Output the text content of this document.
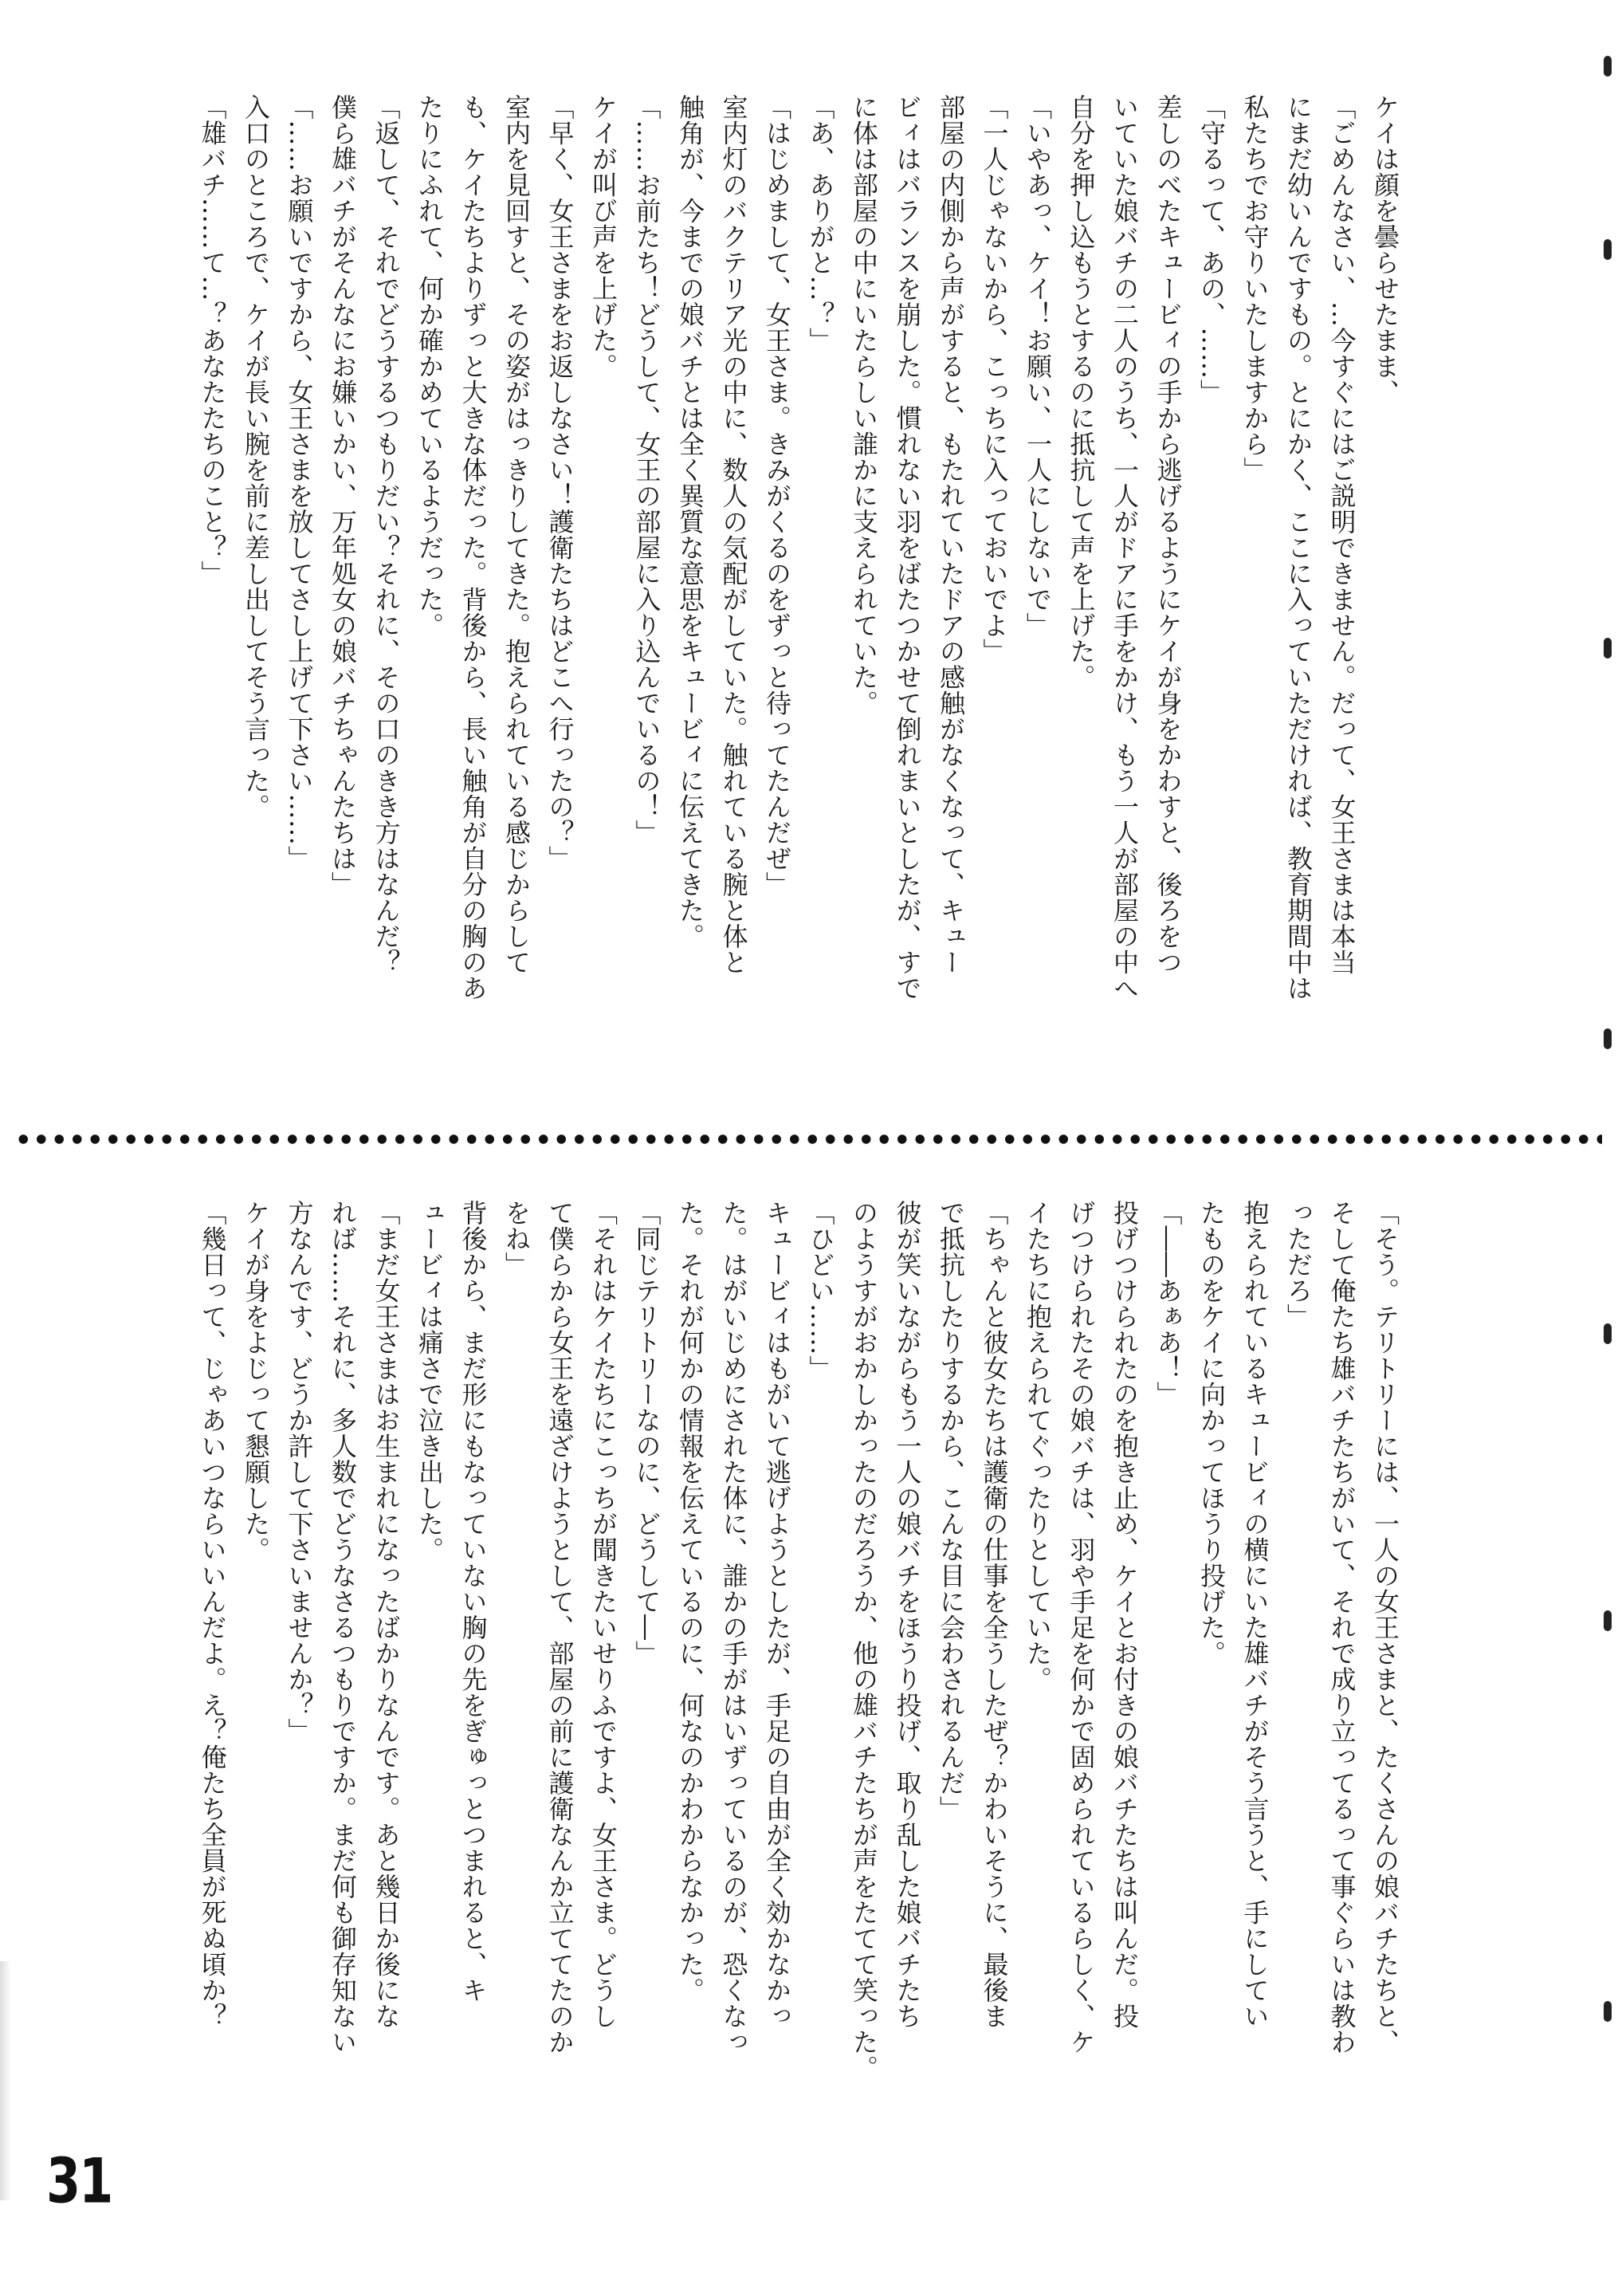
ケイは顔を曇らせたまま、

「ごめんなさい、…今すぐにはご説明できません。だって、女王さまは本当

にまだ幼いんですもの。とにかく、ここに入っていただければ、教育期間中は

私たちでお守りいたしますから」

「守るって、あの、……」

差しのべたキュービィの手から逃げるようにケイが身をかわすと、後ろをつ

いていた娘バチの二人のうち、一人がドアに手をかけ、もう一人が部屋の中へ

自分を押し込もうとするのに抵抗して声を上げた。

「いやあっ、ケイ！お願い、一人にしないで」

「一人じゃないから、こっちに入っておいでよ」

部屋の内側から声がすると、もたれていたドアの感触がなくなって、キュー

ビィはバランスを崩した。慣れない羽をばたつかせて倒れまいとしたが、すで

に体は部屋の中にいたらしい誰かに支えられていた。

「あ、ありがと…？」

「はじめまして、女王さま。きみがくるのをずっと待ってたんだぜ」

室内灯のバクテリア光の中に、数人の気配がしていた。触れている腕と体と

触角が、今までの娘バチとは全く異質な意思をキュービィに伝えてきた。

「……お前たち！どうして、女王の部屋に入り込んでいるの！」

ケイが叫び声を上げた。

「早く、女王さまをお返しなさい！護衛たちはどこへ行ったの？」

室内を見回すと、その姿がはっきりしてきた。抱えられている感じからして

も、ケイたちよりずっと大きな体だった。背後から、長い触角が自分の胸のあ

たりにふれて、何か確かめているようだった。

「返して、それでどうするつもりだい？それに、その口のきき方はなんだ？

僕ら雄バチがそんなにお嫌いかい、万年処女の娘バチちゃんたちは」

「……お願いですから、女王さまを放してさし上げて下さい……」

入口のところで、ケイが長い腕を前に差し出してそう言った。

「雄バチ……て…？あなたたちのこと？」

「そう。テリトリーには、一人の女王さまと、たくさんの娘バチたちと、

そして俺たち雄バチたちがいて、それで成り立ってるって事ぐらいは教わ

っただろ」

抱えられているキュービィの横にいた雄バチがそう言うと、手にしてい

たものをケイに向かってほうり投げた。

「――あぁあ！」

投げつけられたのを抱き止め、ケイとお付きの娘バチたちは叫んだ。投

げつけられたその娘バチは、羽や手足を何かで固められているらしく、ケ

イたちに抱えられてぐったりとしていた。

「ちゃんと彼女たちは護衛の仕事を全うしたぜ？かわいそうに、最後ま

で抵抗したりするから、こんな目に会わされるんだ」

彼が笑いながらもう一人の娘バチをほうり投げ、取り乱した娘バチたち

のようすがおかしかったのだろうか、他の雄バチたちが声をたてて笑った。

「ひどい……」

キュービィはもがいて逃げようとしたが、手足の自由が全く効かなかっ

た。はがいじめにされた体に、誰かの手がはいずっているのが、恐くなっ

た。それが何かの情報を伝えているのに、何なのかわからなかった。

「同じテリトリーなのに、どうして―」

「それはケイたちにこっちが聞きたいせりふですよ、女王さま。どうし

て僕らから女王を遠ざけようとして、部屋の前に護衛なんか立ててたのか

をね」

背後から、まだ形にもなっていない胸の先をぎゅっとつまれると、キ

ュービィは痛さで泣き出した。

「まだ女王さまはお生まれになったばかりなんです。あと幾日か後にな

れば……それに、多人数でどうなさるつもりですか。まだ何も御存知ない

方なんです、どうか許して下さいませんか？」

ケイが身をよじって懇願した。

「幾日って、じゃあいつならいいんだよ。え？俺たち全員が死ぬ頃か？

31
